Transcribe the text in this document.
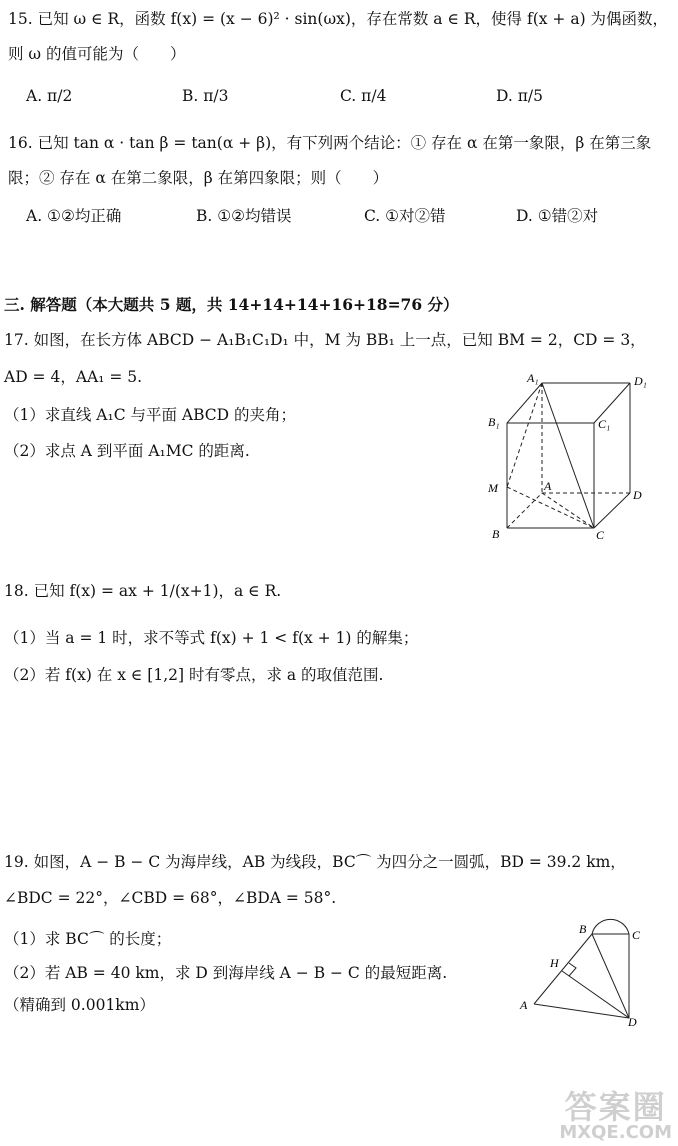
15. 已知 ω ∈ R，函数 f(x) = (x − 6)² · sin(ωx)，存在常数 a ∈ R，使得 f(x + a) 为偶函数，
则 ω 的值可能为（　　）
A. π/2	B. π/3	C. π/4	D. π/5
16. 已知 tan α · tan β = tan(α + β)，有下列两个结论：① 存在 α 在第一象限，β 在第三象
限；② 存在 α 在第二象限，β 在第四象限；则（　　）
A. ①②均正确	B. ①②均错误	C. ①对②错	D. ①错②对
三. 解答题（本大题共 5 题，共 14+14+14+16+18=76 分）
17. 如图，在长方体 ABCD − A₁B₁C₁D₁ 中，M 为 BB₁ 上一点，已知 BM = 2，CD = 3，
AD = 4，AA₁ = 5.
（1）求直线 A₁C 与平面 ABCD 的夹角；
（2）求点 A 到平面 A₁MC 的距离.
A₁	D₁
B₁	C₁
M	A
D
B	C
18. 已知 f(x) = ax + 1/(x+1)，a ∈ R.
（1）当 a = 1 时，求不等式 f(x) + 1 < f(x + 1) 的解集；
（2）若 f(x) 在 x ∈ [1,2] 时有零点，求 a 的取值范围.
19. 如图，A − B − C 为海岸线，AB 为线段，BC⌒ 为四分之一圆弧，BD = 39.2 km，
∠BDC = 22°，∠CBD = 68°，∠BDA = 58°.
（1）求 BC⌒ 的长度；
（2）若 AB = 40 km，求 D 到海岸线 A − B − C 的最短距离.
（精确到 0.001km）
B	C
H
A
D
答案圈
MXQE.COM
